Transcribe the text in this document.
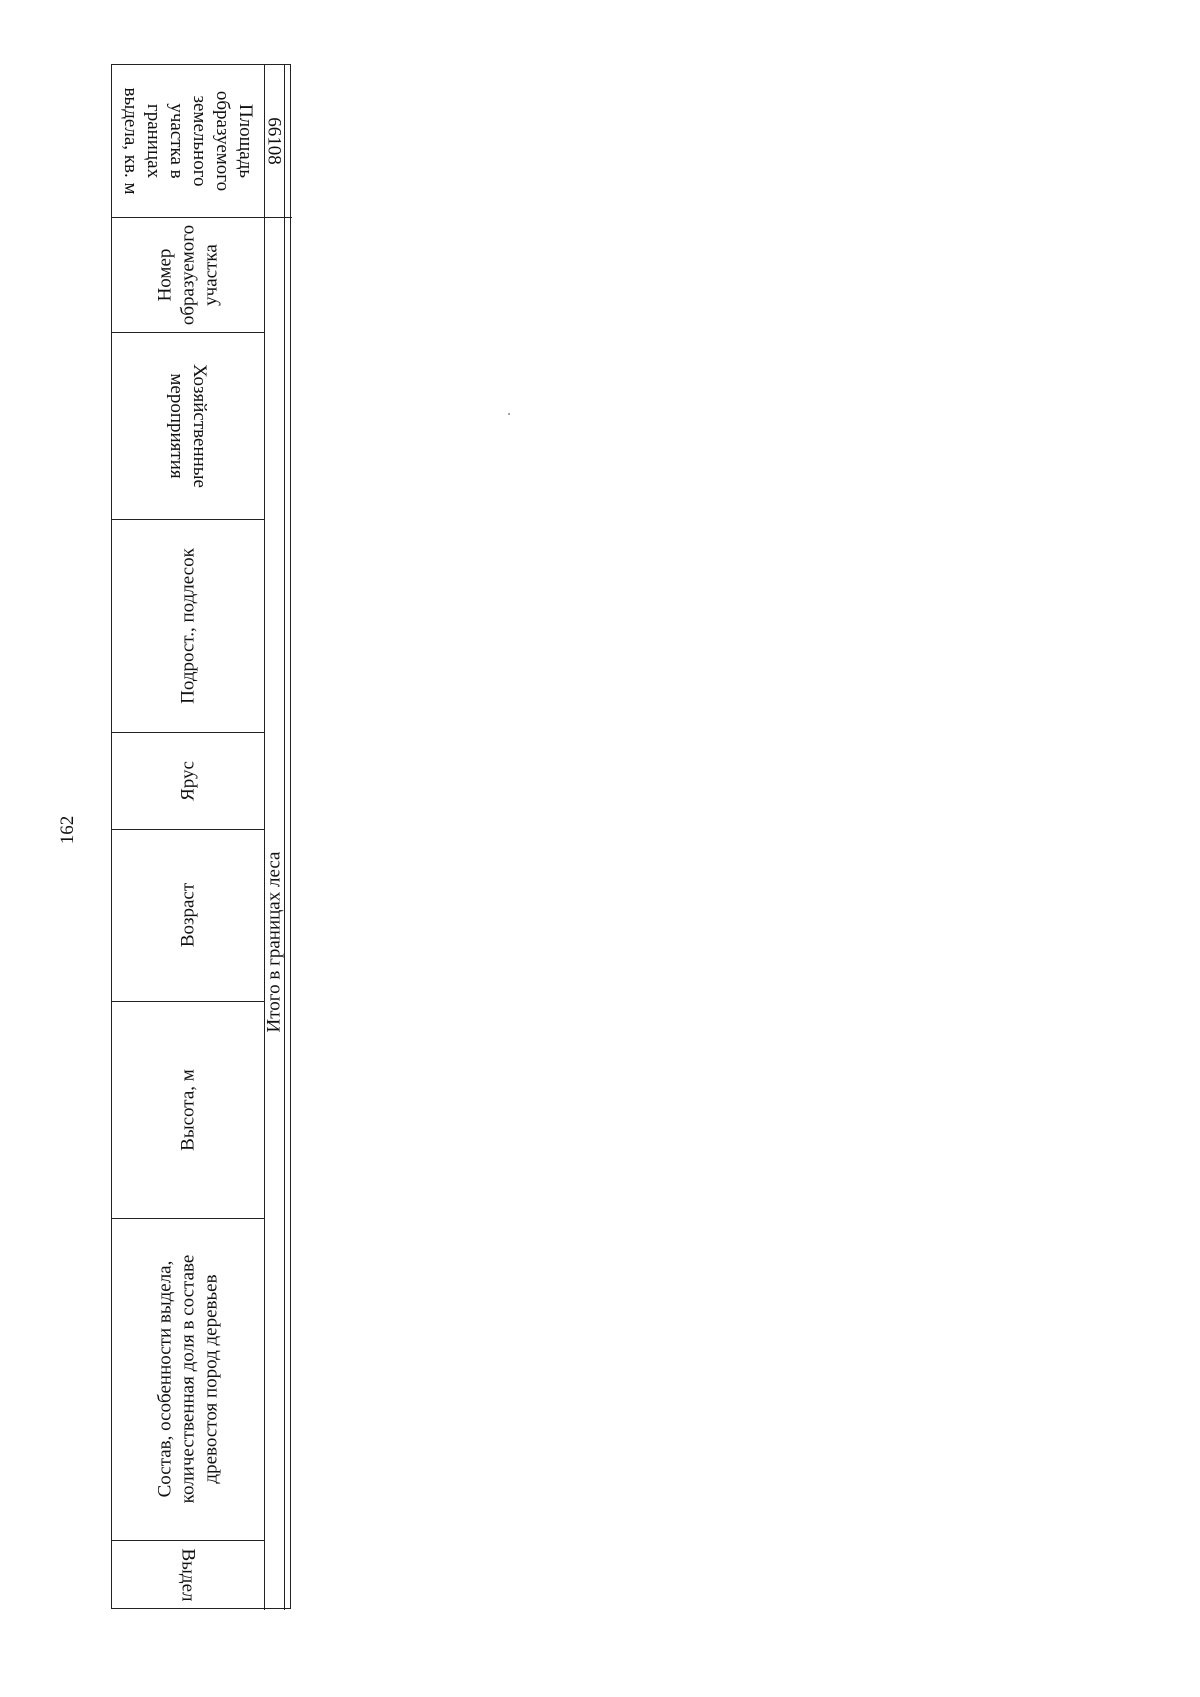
162
Площадь образуемого земельного участка в границах выдела, кв. м
Номер образуемого участка
Хозяйственные мероприятия
Подрост., подлесок
Ярус
Возраст
Высота, м
Состав, особенности выдела, количественная доля в составе древостоя пород деревьев
Выдел
66108
Итого в границах леса
